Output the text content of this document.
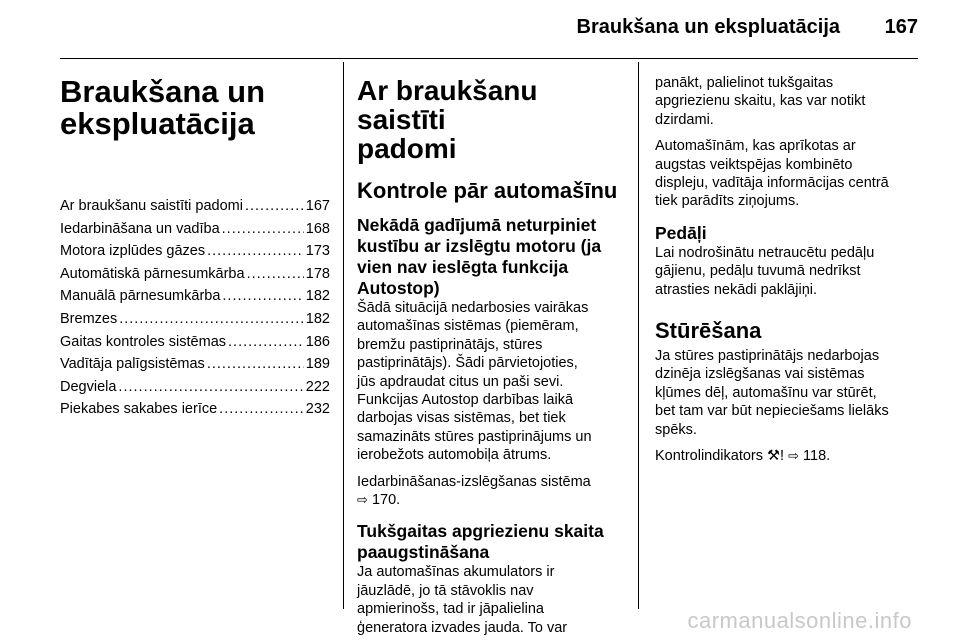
Braukšana un ekspluatācija 167
Braukšana un
ekspluatācija
Ar braukšanu saistīti padomi .....	167
Iedarbināšana un vadība .....	168
Motora izplūdes gāzes .....	173
Automātiskā pārnesumkārba .....	178
Manuālā pārnesumkārba .....	182
Bremzes .....	182
Gaitas kontroles sistēmas .....	186
Vadītāja palīgsistēmas .....	189
Degviela .....	222
Piekabes sakabes ierīce .....	232
Ar braukšanu saistīti
padomi
Kontrole pār automašīnu
Nekādā gadījumā neturpiniet
kustību ar izslēgtu motoru (ja
vien nav ieslēgta funkcija
Autostop)
Šādā situācijā nedarbosies vairākas
automašīnas sistēmas (piemēram,
bremžu pastiprinātājs, stūres
pastiprinātājs). Šādi pārvietojoties,
jūs apdraudat citus un paši sevi.
Funkcijas Autostop darbības laikā
darbojas visas sistēmas, bet tiek
samazināts stūres pastiprinājums un
ierobežots automobiļa ātrums.
Iedarbināšanas-izslēgšanas sistēma
⇨ 170.
Tukšgaitas apgriezienu skaita
paaugstināšana
Ja automašīnas akumulators ir
jāuzlādē, jo tā stāvoklis nav
apmierinošs, tad ir jāpalielina
ģeneratora izvades jauda. To var
panākt, palielinot tukšgaitas
apgriezienu skaitu, kas var notikt
dzirdami.
Automašīnām, kas aprīkotas ar
augstas veiktspējas kombinēto
displeju, vadītāja informācijas centrā
tiek parādīts ziņojums.
Pedāļi
Lai nodrošinātu netraucētu pedāļu
gājienu, pedāļu tuvumā nedrīkst
atrasties nekādi paklājiņi.
Stūrēšana
Ja stūres pastiprinātājs nedarbojas
dzinēja izslēgšanas vai sistēmas
kļūmes dēļ, automašīnu var stūrēt,
bet tam var būt nepieciešams lielāks
spēks.
Kontrolindikators ⚒! ⇨ 118.
carmanualsonline.info
